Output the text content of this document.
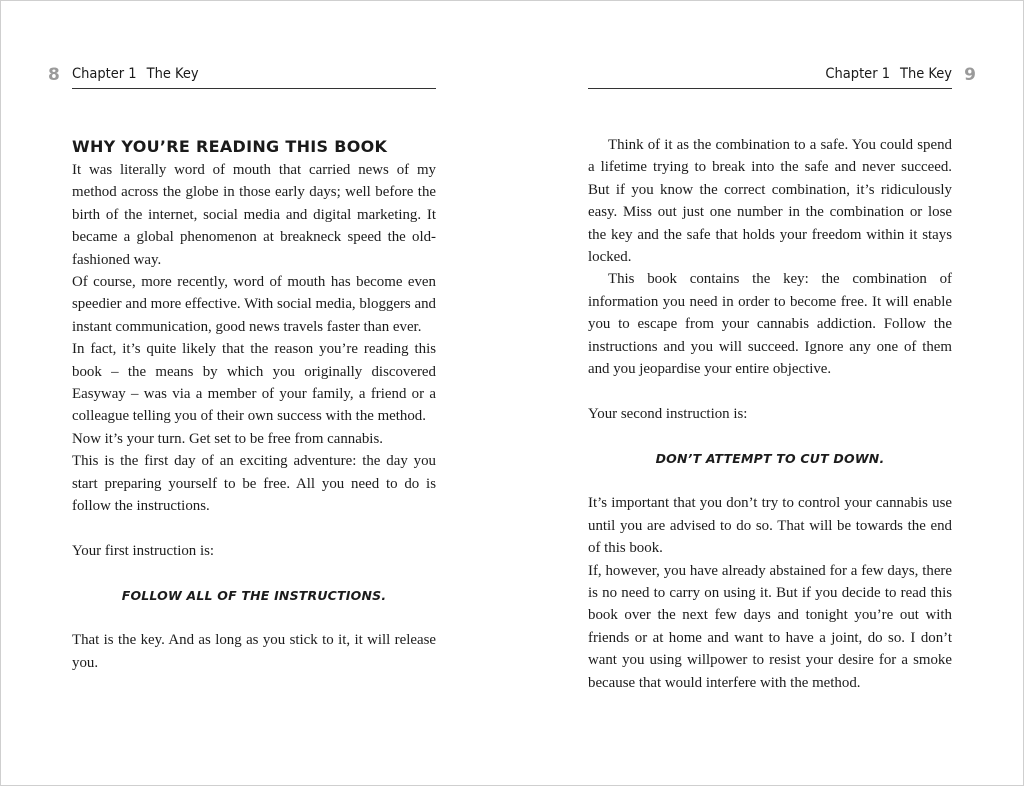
8 Chapter 1 The Key
WHY YOU’RE READING THIS BOOK

It was literally word of mouth that carried news of my method across the globe in those early days; well before the birth of the internet, social media and digital marketing. It became a global phenomenon at breakneck speed the old-fashioned way.

Of course, more recently, word of mouth has become even speedier and more effective. With social media, bloggers and instant communication, good news travels faster than ever.

In fact, it’s quite likely that the reason you’re reading this book – the means by which you originally discovered Easyway – was via a member of your family, a friend or a colleague telling you of their own success with the method.

Now it’s your turn. Get set to be free from cannabis.

This is the first day of an exciting adventure: the day you start preparing yourself to be free. All you need to do is follow the instructions.

Your first instruction is:

FOLLOW ALL OF THE INSTRUCTIONS.

That is the key. And as long as you stick to it, it will release you.

Chapter 1 The Key 9

Think of it as the combination to a safe. You could spend a lifetime trying to break into the safe and never succeed. But if you know the correct combination, it’s ridiculously easy. Miss out just one number in the combination or lose the key and the safe that holds your freedom within it stays locked.

This book contains the key: the combination of information you need in order to become free. It will enable you to escape from your cannabis addiction. Follow the instructions and you will succeed. Ignore any one of them and you jeopardise your entire objective.

Your second instruction is:

DON’T ATTEMPT TO CUT DOWN.

It’s important that you don’t try to control your cannabis use until you are advised to do so. That will be towards the end of this book.

If, however, you have already abstained for a few days, there is no need to carry on using it. But if you decide to read this book over the next few days and tonight you’re out with friends or at home and want to have a joint, do so. I don’t want you using willpower to resist your desire for a smoke because that would interfere with the method.
